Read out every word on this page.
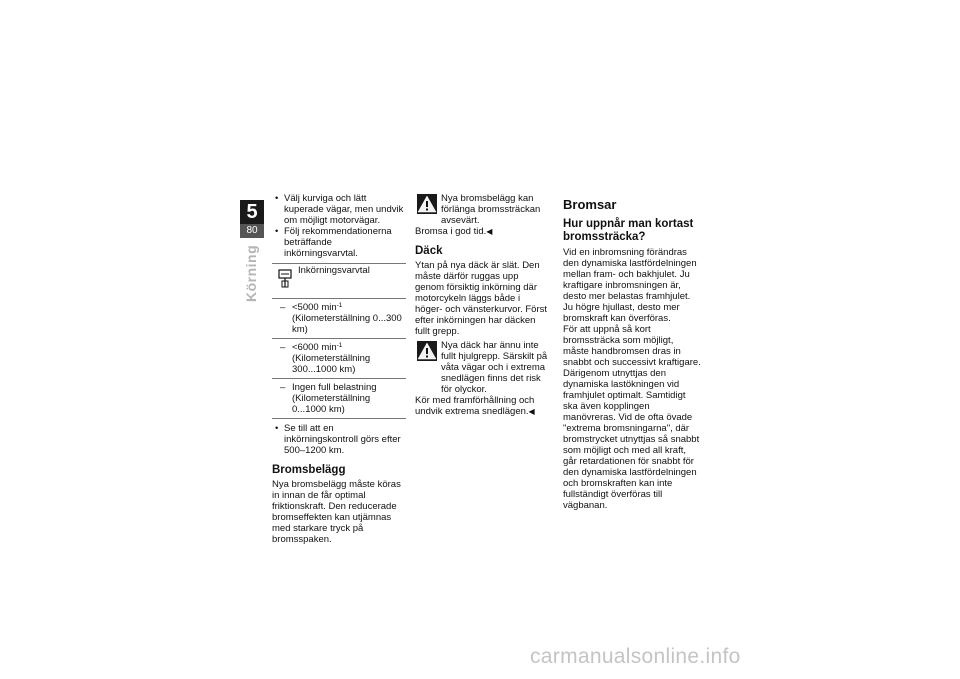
5
80
Körning

• Välj kurviga och lätt kuperade vägar, men undvik om möjligt motorvägar.

• Följ rekommendationerna beträffande inkörningsvarvtal.

Inkörningsvarvtal
– <5000 $\min^{-1}$ (Kilometerställning 0...300 km)
– <6000 $\min^{-1}$ (Kilometerställning 300...1000 km)
– Ingen full belastning (Kilometerställning 0...1000 km)

• Se till att en inkörningskontroll görs efter 500–1200 km.

Bromsbelägg

Nya bromsbelägg måste köras in innan de får optimal friktionskraft. Den reducerade bromseffekten kan utjämnas med starkare tryck på bromsspaken.

Nya bromsbelägg kan förlänga bromssträckan avsevärt.

Bromsa i god tid.◀

Däck

Ytan på nya däck är slät. Den måste därför ruggas upp genom försiktig inkörning där motorcykeln läggs både i höger- och vänsterkurvor. Först efter inkörningen har däcken fullt grepp.

Nya däck har ännu inte fullt hjulgrepp. Särskilt på våta vägar och i extrema snedlägen finns det risk för olyckor.

Kör med framförhållning och undvik extrema snedlägen.◀

Bromsar
Hur uppnår man kortast bromssträcka?

Vid en inbromsning förändras den dynamiska lastfördelningen mellan fram- och bakhjulet. Ju kraftigare inbromsningen är, desto mer belastas framhjulet. Ju högre hjullast, desto mer bromskraft kan överföras.

För att uppnå så kort bromssträcka som möjligt, måste handbromsen dras in snabbt och successivt kraftigare. Därigenom utnyttjas den dynamiska lastökningen vid framhjulet optimalt. Samtidigt ska även kopplingen manövreras. Vid de ofta övade "extrema bromsningarna", där bromstrycket utnyttjas så snabbt som möjligt och med all kraft, går retardationen för snabbt för den dynamiska lastfördelningen och bromskraften kan inte fullständigt överföras till vägbanan.

carmanualsonline.info
